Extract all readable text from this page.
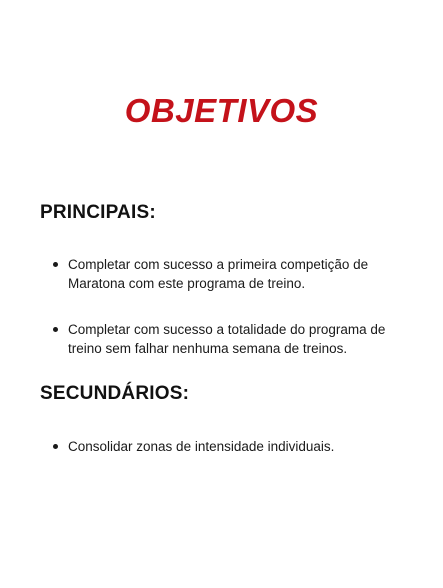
OBJETIVOS
PRINCIPAIS:
Completar com sucesso a primeira competição de Maratona com este programa de treino.
Completar com sucesso a totalidade do programa de treino sem falhar nenhuma semana de treinos.
SECUNDÁRIOS:
Consolidar zonas de intensidade individuais.
